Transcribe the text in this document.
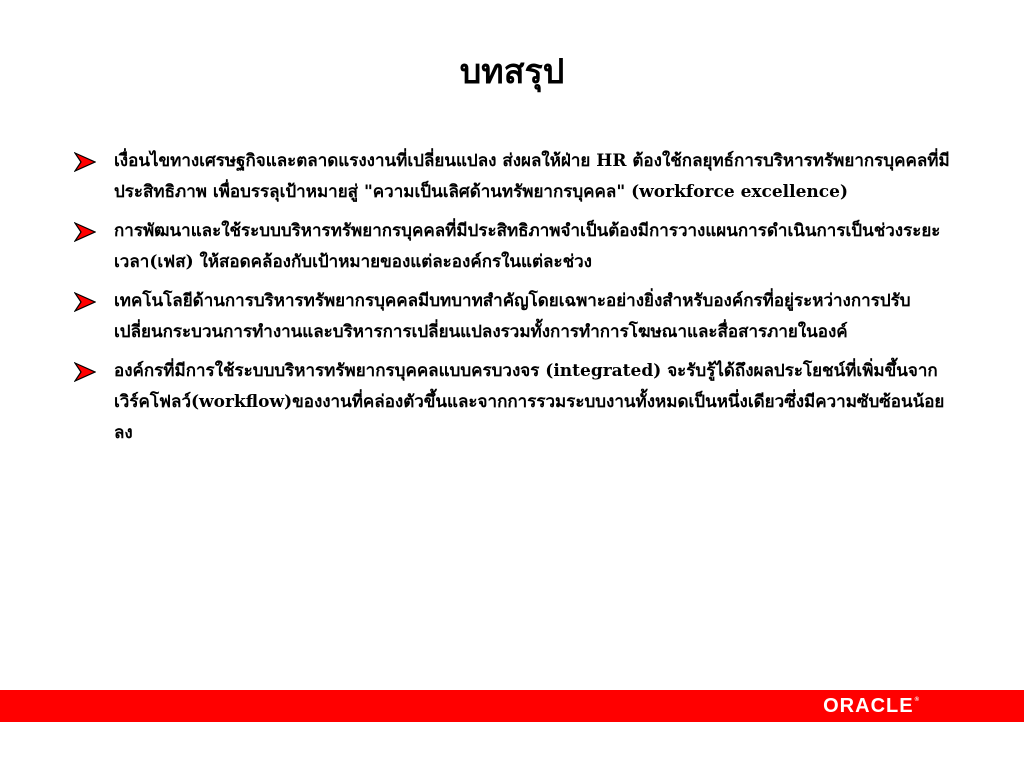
บทสรุป
เงื่อนไขทางเศรษฐกิจและตลาดแรงงานที่เปลี่ยนแปลง ส่งผลให้ฝ่าย HR ต้องใช้กลยุทธ์การบริหารทรัพยากรบุคคลที่มีประสิทธิภาพ เพื่อบรรลุเป้าหมายสู่ "ความเป็นเลิศด้านทรัพยากรบุคคล" (workforce excellence)
การพัฒนาและใช้ระบบบริหารทรัพยากรบุคคลที่มีประสิทธิภาพจำเป็นต้องมีการวางแผนการดำเนินการเป็นช่วงระยะเวลา(เฟส) ให้สอดคล้องกับเป้าหมายของแต่ละองค์กรในแต่ละช่วง
เทคโนโลยีด้านการบริหารทรัพยากรบุคคลมีบทบาทสำคัญโดยเฉพาะอย่างยิ่งสำหรับองค์กรที่อยู่ระหว่างการปรับเปลี่ยนกระบวนการทำงานและบริหารการเปลี่ยนแปลงรวมทั้งการทำการโฆษณาและสื่อสารภายในองค์
องค์กรที่มีการใช้ระบบบริหารทรัพยากรบุคคลแบบครบวงจร (integrated) จะรับรู้ได้ถึงผลประโยชน์ที่เพิ่มขึ้นจากเวิร์คโฟลว์(workflow)ของงานที่คล่องตัวขึ้นและจากการรวมระบบงานทั้งหมดเป็นหนึ่งเดียวซึ่งมีความซับซ้อนน้อยลง
ORACLE ®
